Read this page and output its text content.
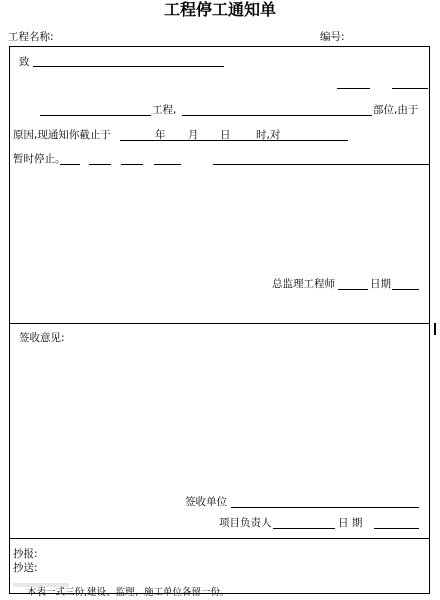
工程停工通知单
工程名称:	编号:
致
工程,	部位,由于
原因,现通知你截止于	年 月 日 时,对
暂时停止。
总监理工程师	日期
签收意见:
签收单位
项目负责人	日 期
抄报:
抄送:
本表一式三份,建设、监理、施工单位各留一份。
